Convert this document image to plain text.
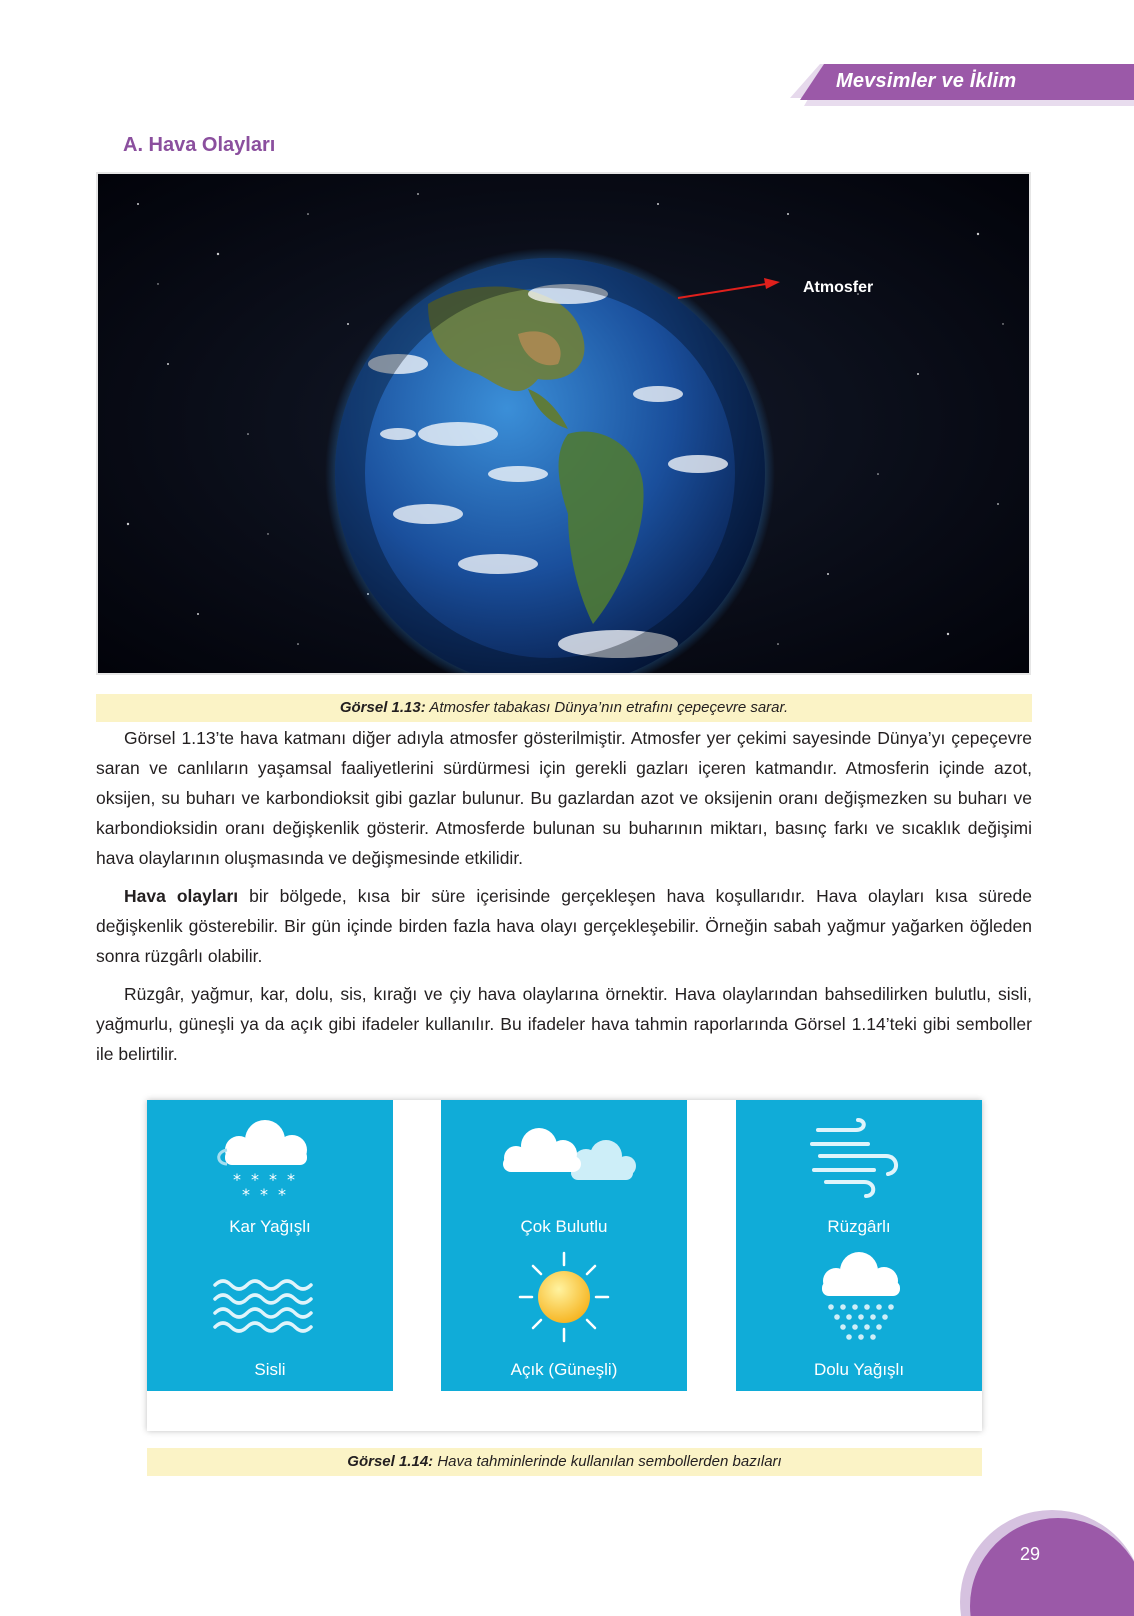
Mevsimler ve İklim
A. Hava Olayları
Atmosfer
Görsel 1.13: Atmosfer tabakası Dünya’nın etrafını çepeçevre sarar.

Görsel 1.13’te hava katmanı diğer adıyla atmosfer gösterilmiştir. Atmosfer yer çekimi sayesinde Dünya’yı çepeçevre saran ve canlıların yaşamsal faaliyetlerini sürdürmesi için gerekli gazları içeren katmandır. Atmosferin içinde azot, oksijen, su buharı ve karbondioksit gibi gazlar bulunur. Bu gazlardan azot ve oksijenin oranı değişmezken su buharı ve karbondioksidin oranı değişkenlik gösterir. Atmosferde bulunan su buharının miktarı, basınç farkı ve sıcaklık değişimi hava olaylarının oluşmasında ve değişmesinde etkilidir.

Hava olayları bir bölgede, kısa bir süre içerisinde gerçekleşen hava koşullarıdır. Hava olayları kısa sürede değişkenlik gösterebilir. Bir gün içinde birden fazla hava olayı gerçekleşebilir. Örneğin sabah yağmur yağarken öğleden sonra rüzgârlı olabilir.

Rüzgâr, yağmur, kar, dolu, sis, kırağı ve çiy hava olaylarına örnektir. Hava olaylarından bahsedilirken bulutlu, sisli, yağmurlu, güneşli ya da açık gibi ifadeler kullanılır. Bu ifadeler hava tahmin raporlarında Görsel 1.14’teki gibi semboller ile belirtilir.

* * * *
* * *
Kar Yağışlı	Çok Bulutlu	Rüzgârlı
Sisli	Açık (Güneşli)	Dolu Yağışlı
Görsel 1.14: Hava tahminlerinde kullanılan sembollerden bazıları
29
